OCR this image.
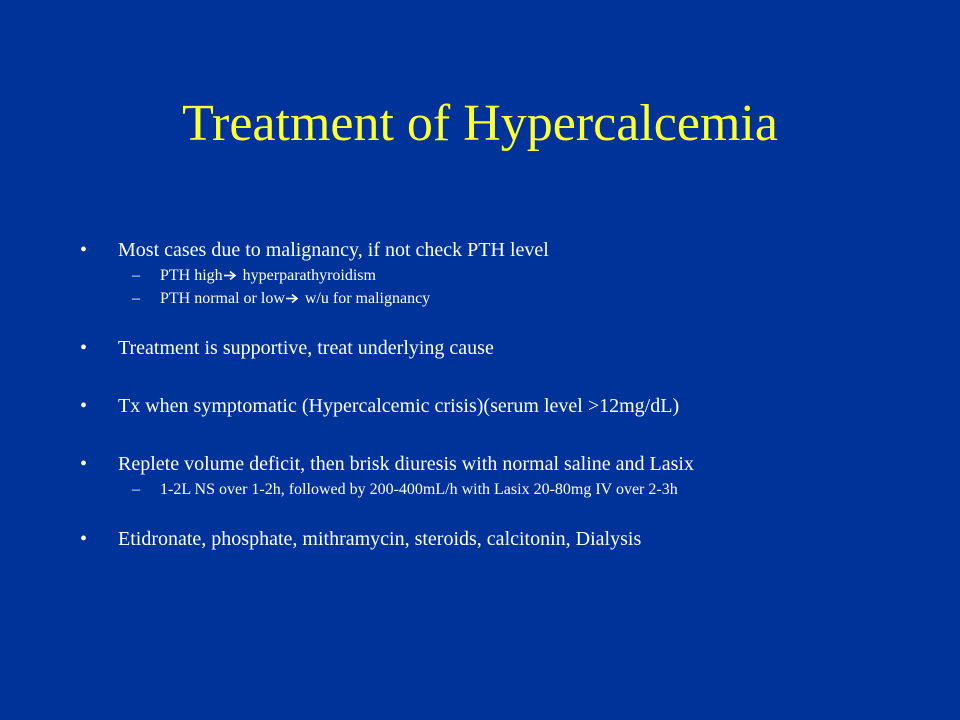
Treatment of Hypercalcemia
• Most cases due to malignancy, if not check PTH level
– PTH high hyperparathyroidism
– PTH normal or low w/u for malignancy
• Treatment is supportive, treat underlying cause
• Tx when symptomatic (Hypercalcemic crisis)(serum level >12mg/dL)
• Replete volume deficit, then brisk diuresis with normal saline and Lasix
– 1-2L NS over 1-2h, followed by 200-400mL/h with Lasix 20-80mg IV over 2-3h
• Etidronate, phosphate, mithramycin, steroids, calcitonin, Dialysis
